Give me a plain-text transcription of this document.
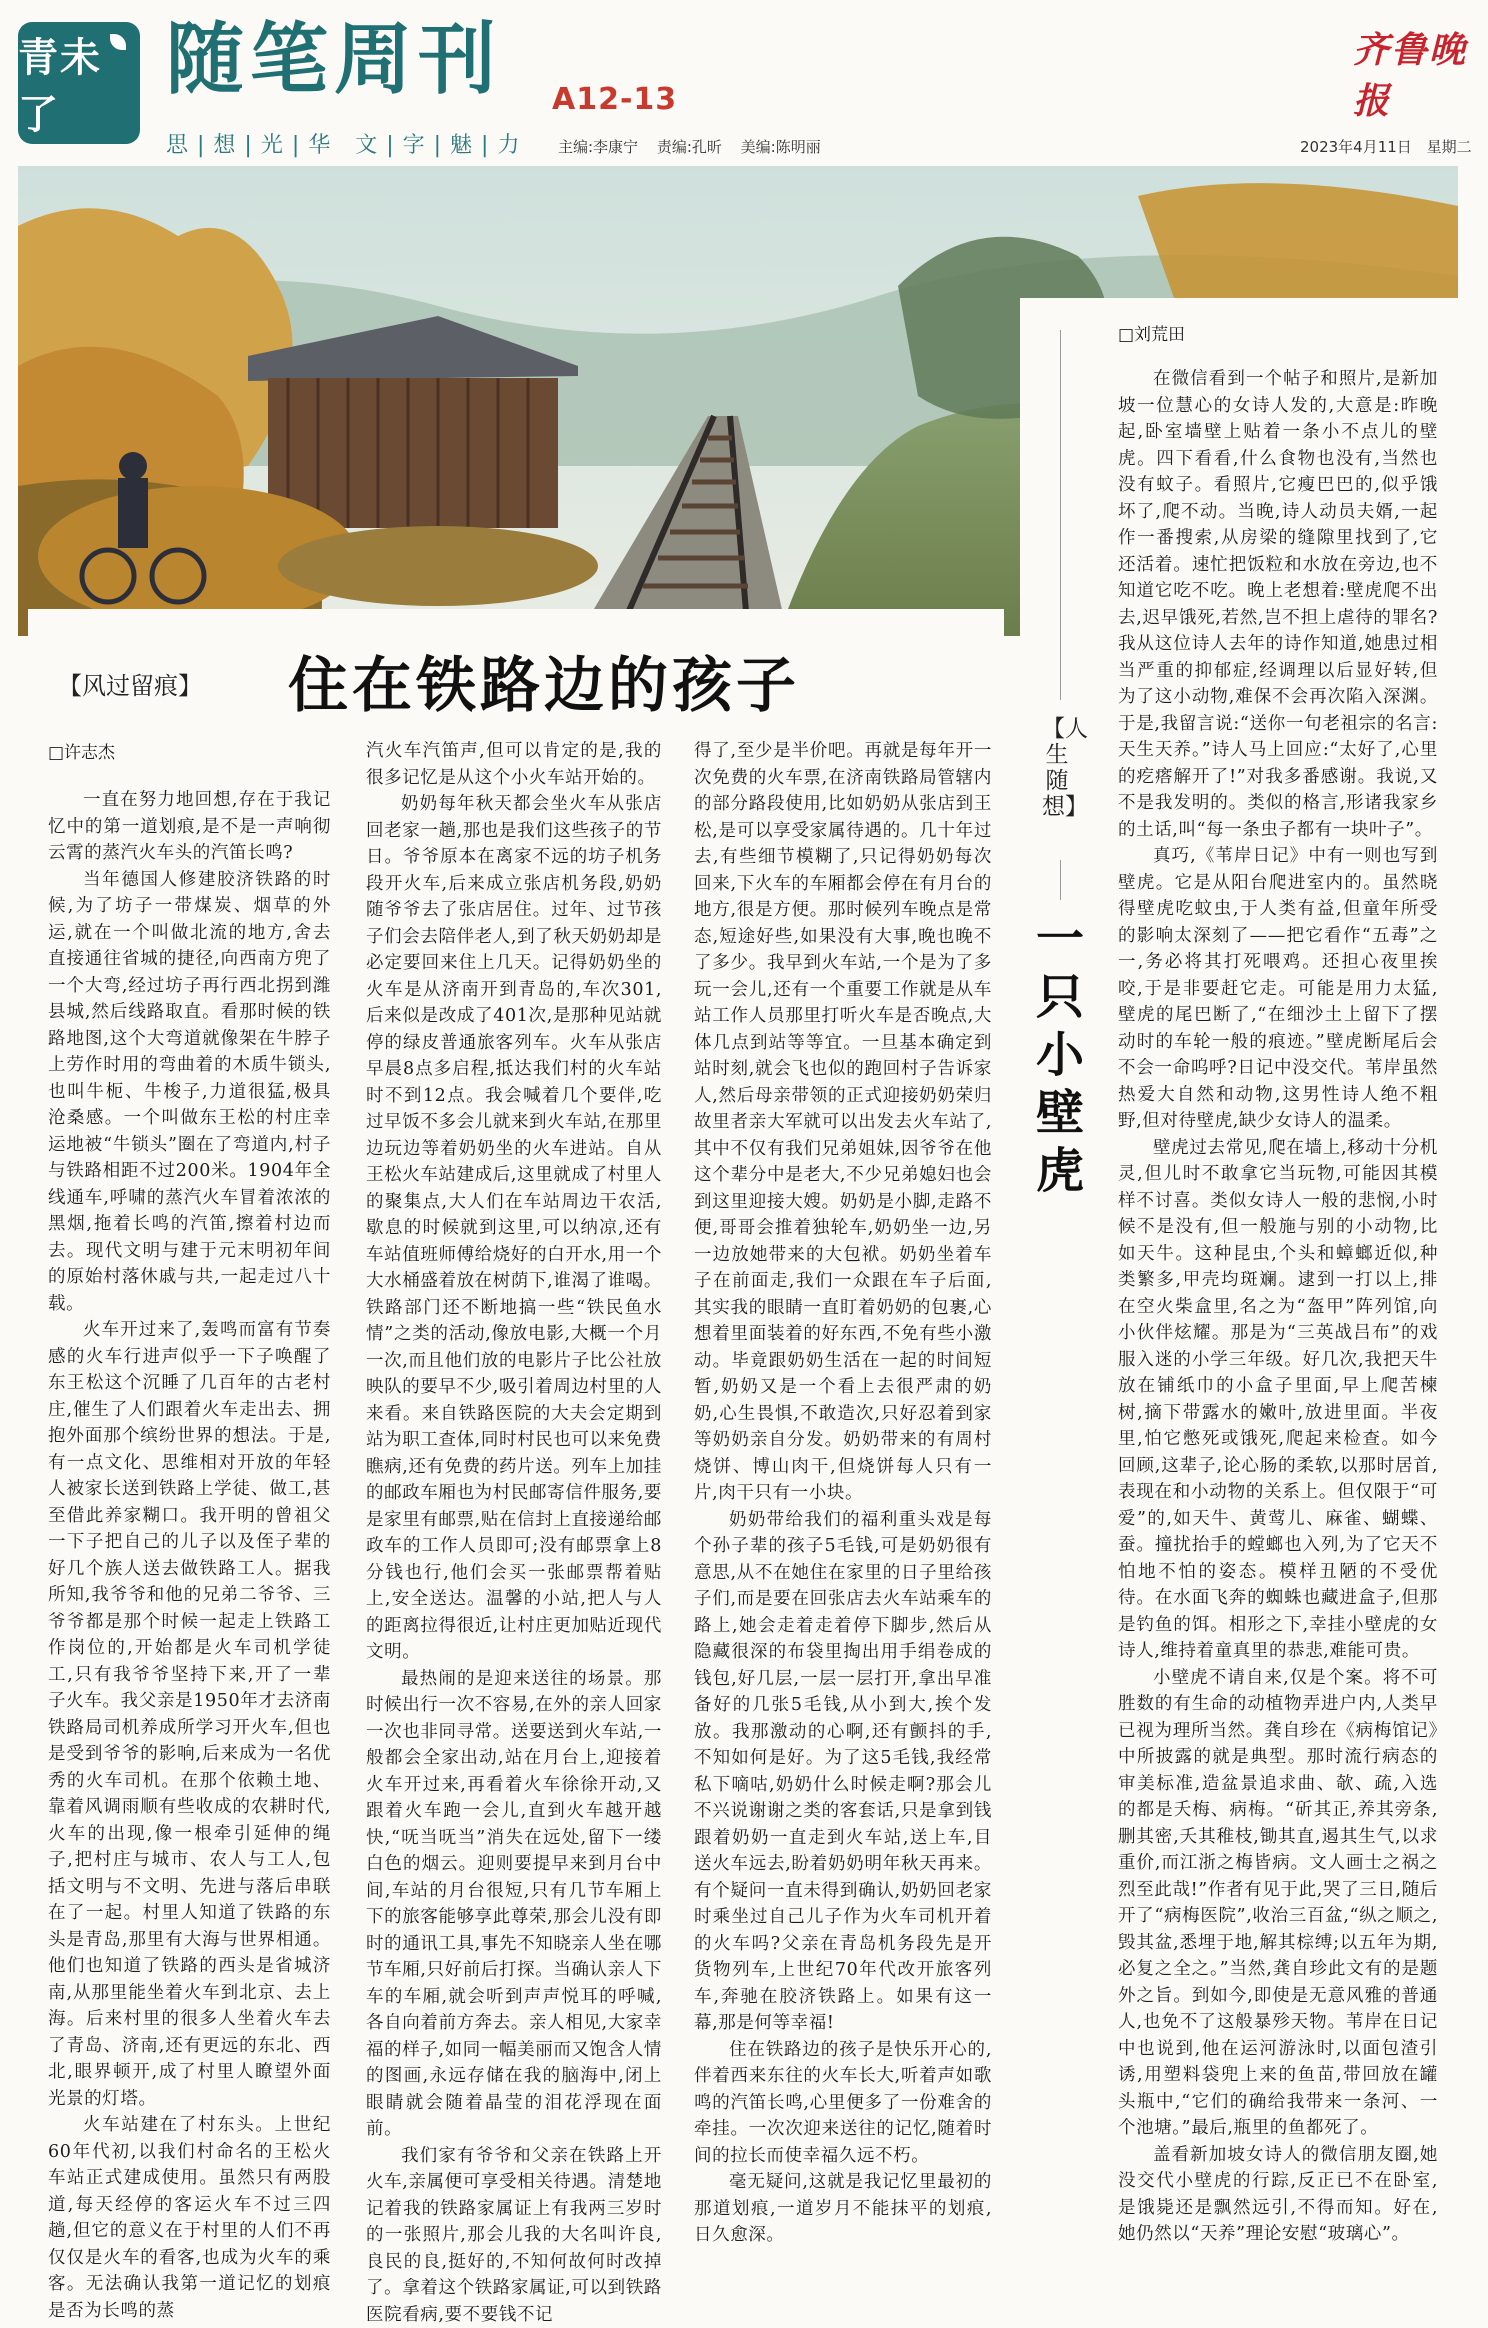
青未了
随笔周刊 A12-13
思|想|光|华 文|字|魅|力 主编:李康宁 责编:孔昕 美编:陈明丽
齐鲁晚报
2023年4月11日 星期二
【风过留痕】 住在铁路边的孩子
□许志杰

一直在努力地回想,存在于我记忆中的第一道划痕,是不是一声响彻云霄的蒸汽火车头的汽笛长鸣?

当年德国人修建胶济铁路的时候,为了坊子一带煤炭、烟草的外运,就在一个叫做北流的地方,舍去直接通往省城的捷径,向西南方兜了一个大弯,经过坊子再行西北拐到潍县城,然后线路取直。看那时候的铁路地图,这个大弯道就像架在牛脖子上劳作时用的弯曲着的木质牛锁头,也叫牛枙、牛梭子,力道很猛,极具沧桑感。一个叫做东王松的村庄幸运地被“牛锁头”圈在了弯道内,村子与铁路相距不过200米。1904年全线通车,呼啸的蒸汽火车冒着浓浓的黑烟,拖着长鸣的汽笛,擦着村边而去。现代文明与建于元末明初年间的原始村落休戚与共,一起走过八十载。

火车开过来了,轰鸣而富有节奏感的火车行进声似乎一下子唤醒了东王松这个沉睡了几百年的古老村庄,催生了人们跟着火车走出去、拥抱外面那个缤纷世界的想法。于是,有一点文化、思维相对开放的年轻人被家长送到铁路上学徒、做工,甚至借此养家糊口。我开明的曾祖父一下子把自己的儿子以及侄子辈的好几个族人送去做铁路工人。据我所知,我爷爷和他的兄弟二爷爷、三爷爷都是那个时候一起走上铁路工作岗位的,开始都是火车司机学徒工,只有我爷爷坚持下来,开了一辈子火车。我父亲是1950年才去济南铁路局司机养成所学习开火车,但也是受到爷爷的影响,后来成为一名优秀的火车司机。在那个依赖土地、靠着风调雨顺有些收成的农耕时代,火车的出现,像一根牵引延伸的绳子,把村庄与城市、农人与工人,包括文明与不文明、先进与落后串联在了一起。村里人知道了铁路的东头是青岛,那里有大海与世界相通。他们也知道了铁路的西头是省城济南,从那里能坐着火车到北京、去上海。后来村里的很多人坐着火车去了青岛、济南,还有更远的东北、西北,眼界顿开,成了村里人瞭望外面光景的灯塔。

火车站建在了村东头。上世纪60年代初,以我们村命名的王松火车站正式建成使用。虽然只有两股道,每天经停的客运火车不过三四趟,但它的意义在于村里的人们不再仅仅是火车的看客,也成为火车的乘客。无法确认我第一道记忆的划痕是否为长鸣的蒸

汽火车汽笛声,但可以肯定的是,我的很多记忆是从这个小火车站开始的。

奶奶每年秋天都会坐火车从张店回老家一趟,那也是我们这些孩子的节日。爷爷原本在离家不远的坊子机务段开火车,后来成立张店机务段,奶奶随爷爷去了张店居住。过年、过节孩子们会去陪伴老人,到了秋天奶奶却是必定要回来住上几天。记得奶奶坐的火车是从济南开到青岛的,车次301,后来似是改成了401次,是那种见站就停的绿皮普通旅客列车。火车从张店早晨8点多启程,抵达我们村的火车站时不到12点。我会喊着几个要伴,吃过早饭不多会儿就来到火车站,在那里边玩边等着奶奶坐的火车进站。自从王松火车站建成后,这里就成了村里人的聚集点,大人们在车站周边干农活,歇息的时候就到这里,可以纳凉,还有车站值班师傅给烧好的白开水,用一个大水桶盛着放在树荫下,谁渴了谁喝。铁路部门还不断地搞一些“铁民鱼水情”之类的活动,像放电影,大概一个月一次,而且他们放的电影片子比公社放映队的要早不少,吸引着周边村里的人来看。来自铁路医院的大夫会定期到站为职工查体,同时村民也可以来免费瞧病,还有免费的药片送。列车上加挂的邮政车厢也为村民邮寄信件服务,要是家里有邮票,贴在信封上直接递给邮政车的工作人员即可;没有邮票拿上8分钱也行,他们会买一张邮票帮着贴上,安全送达。温馨的小站,把人与人的距离拉得很近,让村庄更加贴近现代文明。

最热闹的是迎来送往的场景。那时候出行一次不容易,在外的亲人回家一次也非同寻常。送要送到火车站,一般都会全家出动,站在月台上,迎接着火车开过来,再看着火车徐徐开动,又跟着火车跑一会儿,直到火车越开越快,“呒当呒当”消失在远处,留下一缕白色的烟云。迎则要提早来到月台中间,车站的月台很短,只有几节车厢上下的旅客能够享此尊荣,那会儿没有即时的通讯工具,事先不知晓亲人坐在哪节车厢,只好前后打探。当确认亲人下车的车厢,就会听到声声悦耳的呼喊,各自向着前方奔去。亲人相见,大家幸福的样子,如同一幅美丽而又饱含人情的图画,永远存储在我的脑海中,闭上眼睛就会随着晶莹的泪花浮现在面前。

我们家有爷爷和父亲在铁路上开火车,亲属便可享受相关待遇。清楚地记着我的铁路家属证上有我两三岁时的一张照片,那会儿我的大名叫许良,良民的良,挺好的,不知何故何时改掉了。拿着这个铁路家属证,可以到铁路医院看病,要不要钱不记

得了,至少是半价吧。再就是每年开一次免费的火车票,在济南铁路局管辖内的部分路段使用,比如奶奶从张店到王松,是可以享受家属待遇的。几十年过去,有些细节模糊了,只记得奶奶每次回来,下火车的车厢都会停在有月台的地方,很是方便。那时候列车晚点是常态,短途好些,如果没有大事,晚也晚不了多少。我早到火车站,一个是为了多玩一会儿,还有一个重要工作就是从车站工作人员那里打听火车是否晚点,大体几点到站等等宜。一旦基本确定到站时刻,就会飞也似的跑回村子告诉家人,然后母亲带领的正式迎接奶奶荣归故里者亲大军就可以出发去火车站了,其中不仅有我们兄弟姐妹,因爷爷在他这个辈分中是老大,不少兄弟媳妇也会到这里迎接大嫂。奶奶是小脚,走路不便,哥哥会推着独轮车,奶奶坐一边,另一边放她带来的大包袱。奶奶坐着车子在前面走,我们一众跟在车子后面,其实我的眼睛一直盯着奶奶的包裹,心想着里面装着的好东西,不免有些小激动。毕竟跟奶奶生活在一起的时间短暂,奶奶又是一个看上去很严肃的奶奶,心生畏惧,不敢造次,只好忍着到家等奶奶亲自分发。奶奶带来的有周村烧饼、博山肉干,但烧饼每人只有一片,肉干只有一小块。

奶奶带给我们的福利重头戏是每个孙子辈的孩子5毛钱,可是奶奶很有意思,从不在她住在家里的日子里给孩子们,而是要在回张店去火车站乘车的路上,她会走着走着停下脚步,然后从隐藏很深的布袋里掏出用手绢卷成的钱包,好几层,一层一层打开,拿出早准备好的几张5毛钱,从小到大,挨个发放。我那激动的心啊,还有颤抖的手,不知如何是好。为了这5毛钱,我经常私下嘀咕,奶奶什么时候走啊?那会儿不兴说谢谢之类的客套话,只是拿到钱跟着奶奶一直走到火车站,送上车,目送火车远去,盼着奶奶明年秋天再来。有个疑问一直未得到确认,奶奶回老家时乘坐过自己儿子作为火车司机开着的火车吗?父亲在青岛机务段先是开货物列车,上世纪70年代改开旅客列车,奔驰在胶济铁路上。如果有这一幕,那是何等幸福!

住在铁路边的孩子是快乐开心的,伴着西来东往的火车长大,听着声如歌鸣的汽笛长鸣,心里便多了一份难舍的牵挂。一次次迎来送往的记忆,随着时间的拉长而使幸福久远不朽。

毫无疑问,这就是我记忆里最初的那道划痕,一道岁月不能抹平的划痕,日久愈深。

□刘荒田
【人生随想】
一只小壁虎

在微信看到一个帖子和照片,是新加坡一位慧心的女诗人发的,大意是:昨晚起,卧室墙壁上贴着一条小不点儿的壁虎。四下看看,什么食物也没有,当然也没有蚊子。看照片,它瘦巴巴的,似乎饿坏了,爬不动。当晚,诗人动员夫婿,一起作一番搜索,从房梁的缝隙里找到了,它还活着。速忙把饭粒和水放在旁边,也不知道它吃不吃。晚上老想着:壁虎爬不出去,迟早饿死,若然,岂不担上虐待的罪名?我从这位诗人去年的诗作知道,她患过相当严重的抑郁症,经调理以后显好转,但为了这小动物,难保不会再次陷入深渊。于是,我留言说:“送你一句老祖宗的名言:天生天养。”诗人马上回应:“太好了,心里的疙瘩解开了!”对我多番感谢。我说,又不是我发明的。类似的格言,形诸我家乡的土话,叫“每一条虫子都有一块叶子”。

真巧,《苇岸日记》中有一则也写到壁虎。它是从阳台爬进室内的。虽然晓得壁虎吃蚊虫,于人类有益,但童年所受的影响太深刻了——把它看作“五毒”之一,务必将其打死喂鸡。还担心夜里挨咬,于是非要赶它走。可能是用力太猛,壁虎的尾巴断了,“在细沙土上留下了摆动时的车轮一般的痕迹。”壁虎断尾后会不会一命呜呼?日记中没交代。苇岸虽然热爱大自然和动物,这男性诗人绝不粗野,但对待壁虎,缺少女诗人的温柔。

壁虎过去常见,爬在墙上,移动十分机灵,但儿时不敢拿它当玩物,可能因其模样不讨喜。类似女诗人一般的悲悯,小时候不是没有,但一般施与别的小动物,比如天牛。这种昆虫,个头和蟑螂近似,种类繁多,甲壳均斑斓。逮到一打以上,排在空火柴盒里,名之为“盔甲”阵列馆,向小伙伴炫耀。那是为“三英战吕布”的戏服入迷的小学三年级。好几次,我把天牛放在铺纸巾的小盒子里面,早上爬苦楝树,摘下带露水的嫩叶,放进里面。半夜里,怕它憋死或饿死,爬起来检查。如今回顾,这辈子,论心肠的柔软,以那时居首,表现在和小动物的关系上。但仅限于“可爱”的,如天牛、黄莺儿、麻雀、蝴蝶、蚕。撞扰抬手的螳螂也入列,为了它天不怕地不怕的姿态。模样丑陋的不受优待。在水面飞奔的蜘蛛也藏进盒子,但那是钓鱼的饵。相形之下,幸挂小壁虎的女诗人,维持着童真里的恭悲,难能可贵。

小壁虎不请自来,仅是个案。将不可胜数的有生命的动植物弄进户内,人类早已视为理所当然。龚自珍在《病梅馆记》中所披露的就是典型。那时流行病态的审美标准,造盆景追求曲、欹、疏,入选的都是夭梅、病梅。“斫其正,养其旁条,删其密,夭其稚枝,锄其直,遏其生气,以求重价,而江浙之梅皆病。文人画士之祸之烈至此哉!”作者有见于此,哭了三日,随后开了“病梅医院”,收治三百盆,“纵之顺之,毁其盆,悉埋于地,解其棕缚;以五年为期,必复之全之。”当然,龚自珍此文有的是题外之旨。到如今,即使是无意风雅的普通人,也免不了这般暴殄天物。苇岸在日记中也说到,他在运河游泳时,以面包渣引诱,用塑料袋兜上来的鱼苗,带回放在罐头瓶中,“它们的确给我带来一条河、一个池塘。”最后,瓶里的鱼都死了。

盖看新加坡女诗人的微信朋友圈,她没交代小壁虎的行踪,反正已不在卧室,是饿毙还是飘然远引,不得而知。好在,她仍然以“天养”理论安慰“玻璃心”。
